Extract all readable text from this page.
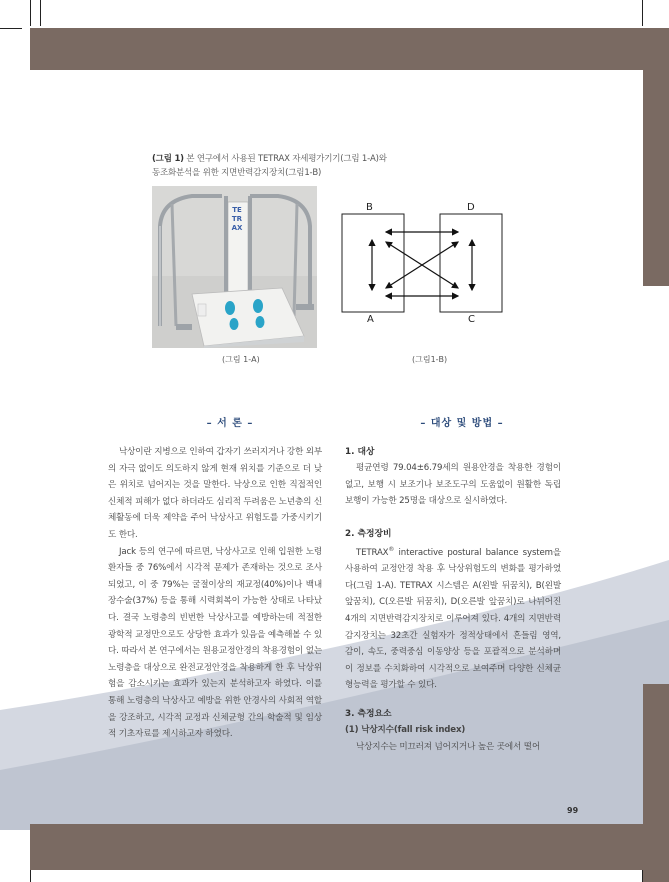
(그림 1) 본 연구에서 사용된 TETRAX 자세평가기기(그림 1-A)와
동조화분석을 위한 지면반력감지장치(그림1-B)
TETRAX
B	D
A	C
(그림 1-A)	(그림1-B)
– 서 론 –

낙상이란 지병으로 인하여 갑자기 쓰러지거나 강한 외부의 자극 없이도 의도하지 않게 현재 위치를 기준으로 더 낮은 위치로 넘어지는 것을 말한다. 낙상으로 인한 직접적인 신체적 피해가 없다 하더라도 심리적 두려움은 노년층의 신체활동에 더욱 제약을 주어 낙상사고 위험도를 가중시키기도 한다.

Jack 등의 연구에 따르면, 낙상사고로 인해 입원한 노령 환자들 중 76%에서 시각적 문제가 존재하는 것으로 조사되었고, 이 중 79%는 굴절이상의 재교정(40%)이나 백내장수술(37%) 등을 통해 시력회복이 가능한 상태로 나타났다. 결국 노령층의 빈번한 낙상사고를 예방하는데 적절한 광학적 교정만으로도 상당한 효과가 있음을 예측해볼 수 있다. 따라서 본 연구에서는 원용교정안경의 착용경험이 없는 노령층을 대상으로 완전교정안경을 착용하게 한 후 낙상위험을 감소시키는 효과가 있는지 분석하고자 하였다. 이를 통해 노령층의 낙상사고 예방을 위한 안경사의 사회적 역할을 강조하고, 시각적 교정과 신체균형 간의 학술적 및 임상적 기초자료를 제시하고자 하였다.

– 대상 및 방법 –
1. 대상

평균연령 79.04±6.79세의 원용안경을 착용한 경험이 없고, 보행 시 보조기나 보조도구의 도움없이 원활한 독립보행이 가능한 25명을 대상으로 실시하였다.

2. 측정장비

TETRAX® interactive postural balance system을 사용하여 교정안경 착용 후 낙상위험도의 변화를 평가하였다(그림 1-A). TETRAX 시스템은 A(왼발 뒤꿈치), B(왼발 앞꿈치), C(오른발 뒤꿈치), D(오른발 앞꿈치)로 나뉘어진 4개의 지면반력감지장치로 이루어져 있다. 4개의 지면반력감지장치는 32초간 실험자가 정적상태에서 흔들림 영역, 감이, 속도, 중력중심 이동양상 등을 포괄적으로 분석하며 이 정보를 수치화하여 시각적으로 보여주며 다양한 신체균형능력을 평가할 수 있다.

3. 측정요소
(1) 낙상지수(fall risk index)

낙상지수는 미끄러져 넘어지거나 높은 곳에서 떨어

99
